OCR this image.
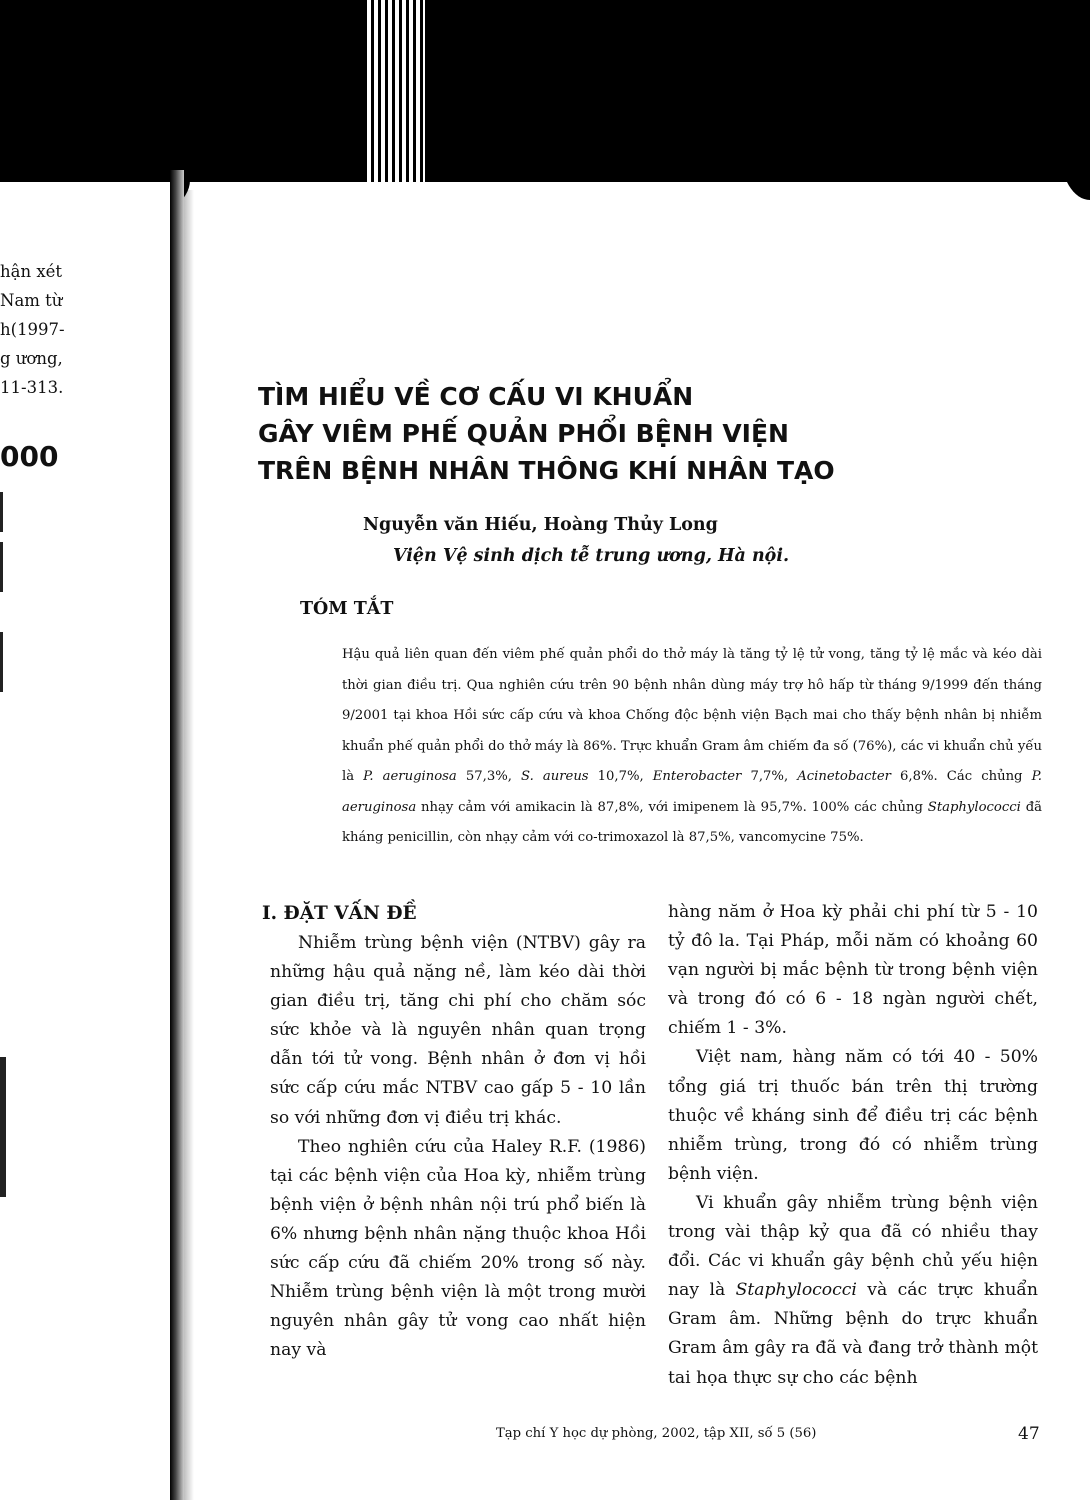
hận xét
Nam từ
h(1997-
g ương,
11-313.
000
TÌM HIỂU VỀ CƠ CẤU VI KHUẨN
GÂY VIÊM PHẾ QUẢN PHỔI BỆNH VIỆN
TRÊN BỆNH NHÂN THÔNG KHÍ NHÂN TẠO
Nguyễn văn Hiếu, Hoàng Thủy Long
Viện Vệ sinh dịch tễ trung ương, Hà nội.
TÓM TẮT
Hậu quả liên quan đến viêm phế quản phổi do thở máy là tăng tỷ lệ tử vong, tăng tỷ lệ mắc và kéo dài thời gian điều trị. Qua nghiên cứu trên 90 bệnh nhân dùng máy trợ hô hấp từ tháng 9/1999 đến tháng 9/2001 tại khoa Hồi sức cấp cứu và khoa Chống độc bệnh viện Bạch mai cho thấy bệnh nhân bị nhiễm khuẩn phế quản phổi do thở máy là 86%. Trực khuẩn Gram âm chiếm đa số (76%), các vi khuẩn chủ yếu là P. aeruginosa 57,3%, S. aureus 10,7%, Enterobacter 7,7%, Acinetobacter 6,8%. Các chủng P. aeruginosa nhạy cảm với amikacin là 87,8%, với imipenem là 95,7%. 100% các chủng Staphylococci đã kháng penicillin, còn nhạy cảm với co-trimoxazol là 87,5%, vancomycine 75%.
I. ĐẶT VẤN ĐỀ

Nhiễm trùng bệnh viện (NTBV) gây ra những hậu quả nặng nề, làm kéo dài thời gian điều trị, tăng chi phí cho chăm sóc sức khỏe và là nguyên nhân quan trọng dẫn tới tử vong. Bệnh nhân ở đơn vị hồi sức cấp cứu mắc NTBV cao gấp 5 - 10 lần so với những đơn vị điều trị khác.

Theo nghiên cứu của Haley R.F. (1986) tại các bệnh viện của Hoa kỳ, nhiễm trùng bệnh viện ở bệnh nhân nội trú phổ biến là 6% nhưng bệnh nhân nặng thuộc khoa Hồi sức cấp cứu đã chiếm 20% trong số này. Nhiễm trùng bệnh viện là một trong mười nguyên nhân gây tử vong cao nhất hiện nay và

hàng năm ở Hoa kỳ phải chi phí từ 5 - 10 tỷ đô la. Tại Pháp, mỗi năm có khoảng 60 vạn người bị mắc bệnh từ trong bệnh viện và trong đó có 6 - 18 ngàn người chết, chiếm 1 - 3%.

Việt nam, hàng năm có tới 40 - 50% tổng giá trị thuốc bán trên thị trường thuộc về kháng sinh để điều trị các bệnh nhiễm trùng, trong đó có nhiễm trùng bệnh viện.

Vi khuẩn gây nhiễm trùng bệnh viện trong vài thập kỷ qua đã có nhiều thay đổi. Các vi khuẩn gây bệnh chủ yếu hiện nay là Staphylococci và các trực khuẩn Gram âm. Những bệnh do trực khuẩn Gram âm gây ra đã và đang trở thành một tai họa thực sự cho các bệnh

Tạp chí Y học dự phòng, 2002, tập XII, số 5 (56)	47
